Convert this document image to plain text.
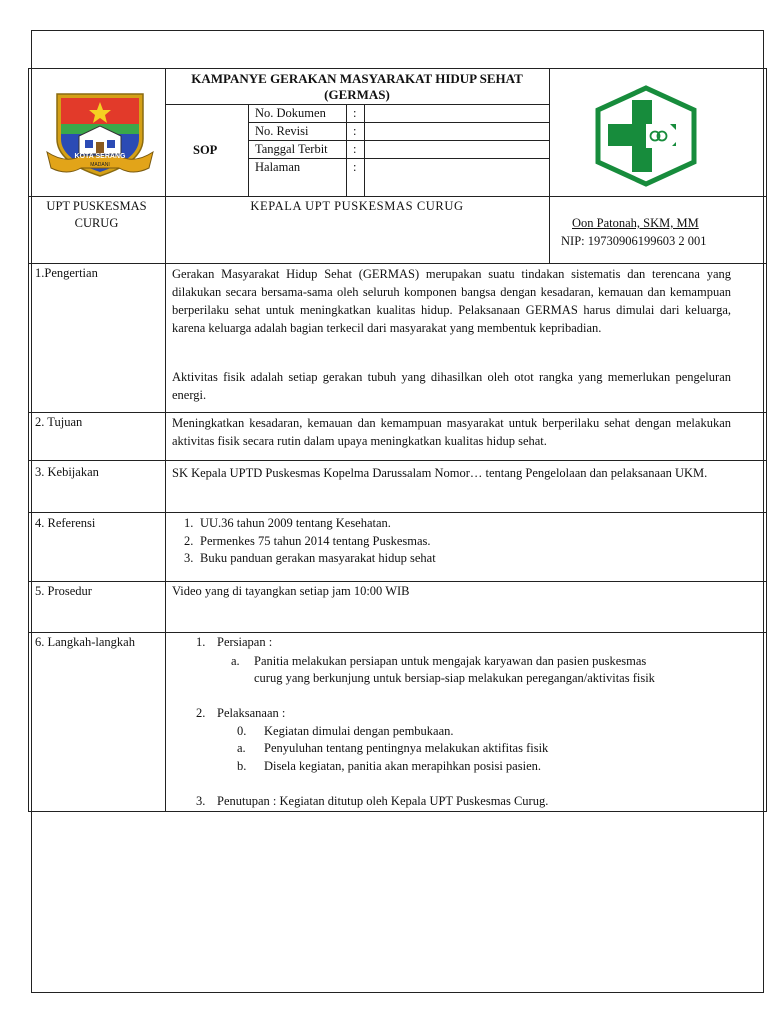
KAMPANYE GERAKAN MASYARAKAT HIDUP SEHAT
(GERMAS)
SOP
No. Dokumen :
No. Revisi	:
Tanggal Terbit :
Halaman	:
KOTA SERANG
MADANI
UPT PUSKESMAS
CURUG
KEPALA UPT PUSKESMAS CURUG
Oon Patonah, SKM, MM
NIP: 19730906199603 2 001
1.Pengertian	Gerakan Masyarakat Hidup Sehat (GERMAS) merupakan suatu tindakan sistematis dan terencana yang dilakukan secara bersama-sama oleh seluruh komponen bangsa dengan kesadaran, kemauan dan kemampuan berperilaku sehat untuk meningkatkan kualitas hidup. Pelaksanaan GERMAS harus dimulai dari keluarga, karena keluarga adalah bagian terkecil dari masyarakat yang membentuk kepribadian.
Aktivitas fisik adalah setiap gerakan tubuh yang dihasilkan oleh otot rangka yang memerlukan pengeluran energi.
2. Tujuan	Meningkatkan kesadaran, kemauan dan kemampuan masyarakat untuk berperilaku sehat dengan melakukan aktivitas fisik secara rutin dalam upaya meningkatkan kualitas hidup sehat.
3. Kebijakan	SK Kepala UPTD Puskesmas Kopelma Darussalam Nomor… tentang Pengelolaan dan pelaksanaan UKM.
4. Referensi	1. UU.36 tahun 2009 tentang Kesehatan.
2. Permenkes 75 tahun 2014 tentang Puskesmas.
3. Buku panduan gerakan masyarakat hidup sehat
5. Prosedur	Video yang di tayangkan setiap jam 10:00 WIB
6. Langkah-langkah	1. Persiapan :
a. Panitia melakukan persiapan untuk mengajak karyawan dan pasien puskesmas
curug yang berkunjung untuk bersiap-siap melakukan peregangan/aktivitas fisik
2. Pelaksanaan :
0. Kegiatan dimulai dengan pembukaan.
a. Penyuluhan tentang pentingnya melakukan aktifitas fisik
b. Disela kegiatan, panitia akan merapihkan posisi pasien.
3. Penutupan : Kegiatan ditutup oleh Kepala UPT Puskesmas Curug.
